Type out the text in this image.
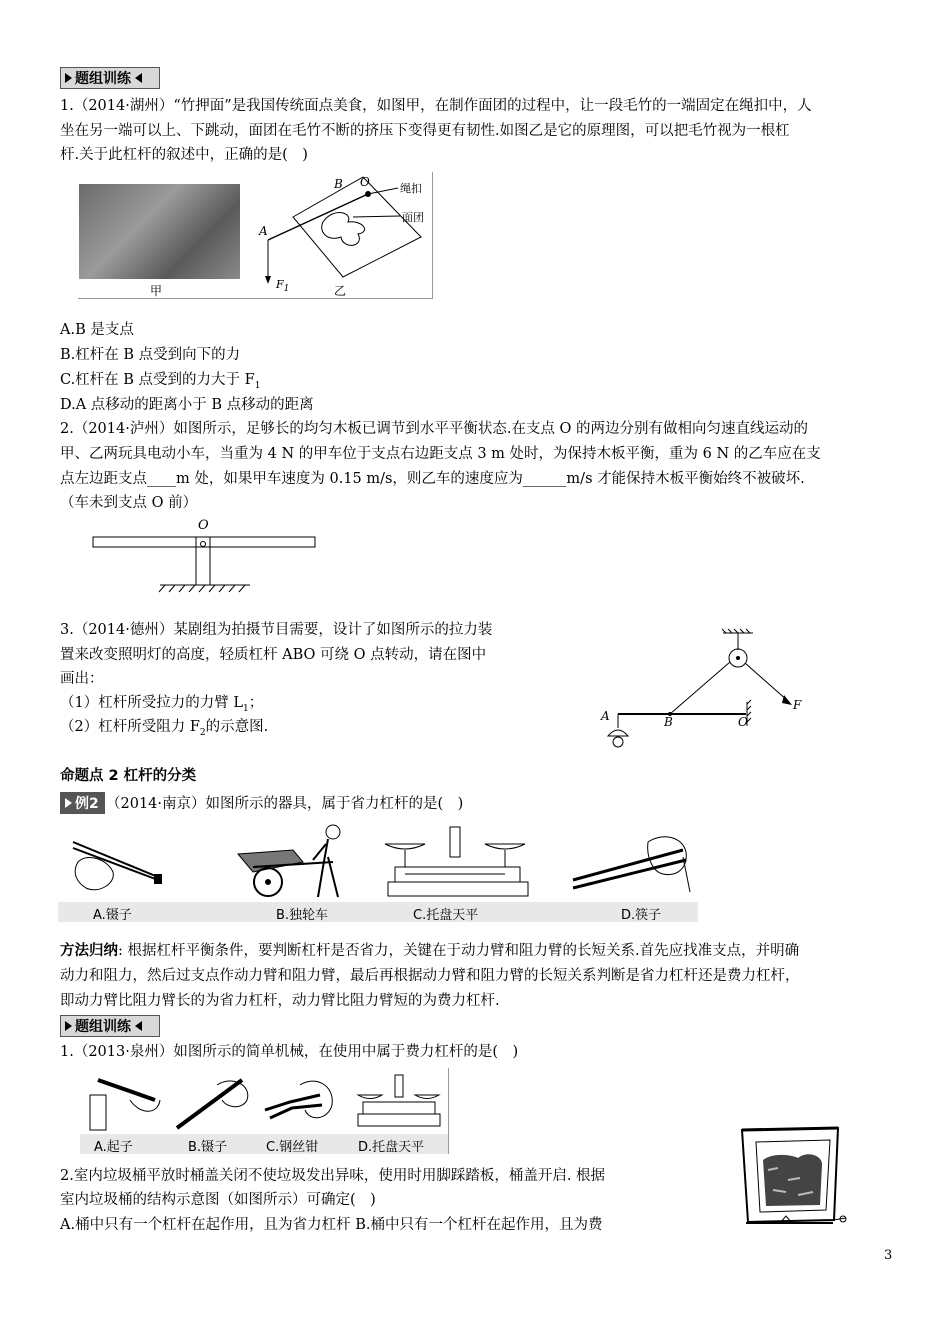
题组训练
1.（2014·湖州）“竹押面”是我国传统面点美食，如图甲，在制作面团的过程中，让一段毛竹的一端固定在绳扣中，人
坐在另一端可以上、下跳动，面团在毛竹不断的挤压下变得更有韧性.如图乙是它的原理图，可以把毛竹视为一根杠
杆.关于此杠杆的叙述中，正确的是(　)
甲
B O
A
绳扣
面团
$F_1$	乙
A.B 是支点
B.杠杆在 B 点受到向下的力
C.杠杆在 B 点受到的力大于 $F_1$
D.A 点移动的距离小于 B 点移动的距离
2.（2014·泸州）如图所示，足够长的均匀木板已调节到水平平衡状态.在支点 O 的两边分别有做相向匀速直线运动的
甲、乙两玩具电动小车，当重为 4 N 的甲车位于支点右边距支点 3 m 处时，为保持木板平衡，重为 6 N 的乙车应在支
点左边距支点____m 处，如果甲车速度为 0.15 m/s，则乙车的速度应为______m/s 才能保持木板平衡始终不被破坏.
（车未到支点 O 前）
O
3.（2014·德州）某剧组为拍摄节目需要，设计了如图所示的拉力装
置来改变照明灯的高度，轻质杠杆 ABO 可绕 O 点转动，请在图中
画出：
（1）杠杆所受拉力的力臂 $L_1$；
（2）杠杆所受阻力 $F_2$的示意图.
A	B	O
F
命题点 2 杠杆的分类
例2 （2014·南京）如图所示的器具，属于省力杠杆的是(　)
A.镊子	B.独轮车	C.托盘天平	D.筷子
方法归纳: 根据杠杆平衡条件，要判断杠杆是否省力，关键在于动力臂和阻力臂的长短关系.首先应找准支点，并明确
动力和阻力，然后过支点作动力臂和阻力臂，最后再根据动力臂和阻力臂的长短关系判断是省力杠杆还是费力杠杆，
即动力臂比阻力臂长的为省力杠杆，动力臂比阻力臂短的为费力杠杆.
题组训练
1.（2013·泉州）如图所示的简单机械，在使用中属于费力杠杆的是(　)
A.起子	B.镊子	C.钢丝钳	D.托盘天平
2.室内垃圾桶平放时桶盖关闭不使垃圾发出异味，使用时用脚踩踏板，桶盖开启. 根据
室内垃圾桶的结构示意图（如图所示）可确定(　)
A.桶中只有一个杠杆在起作用，且为省力杠杆 B.桶中只有一个杠杆在起作用，且为费
3
